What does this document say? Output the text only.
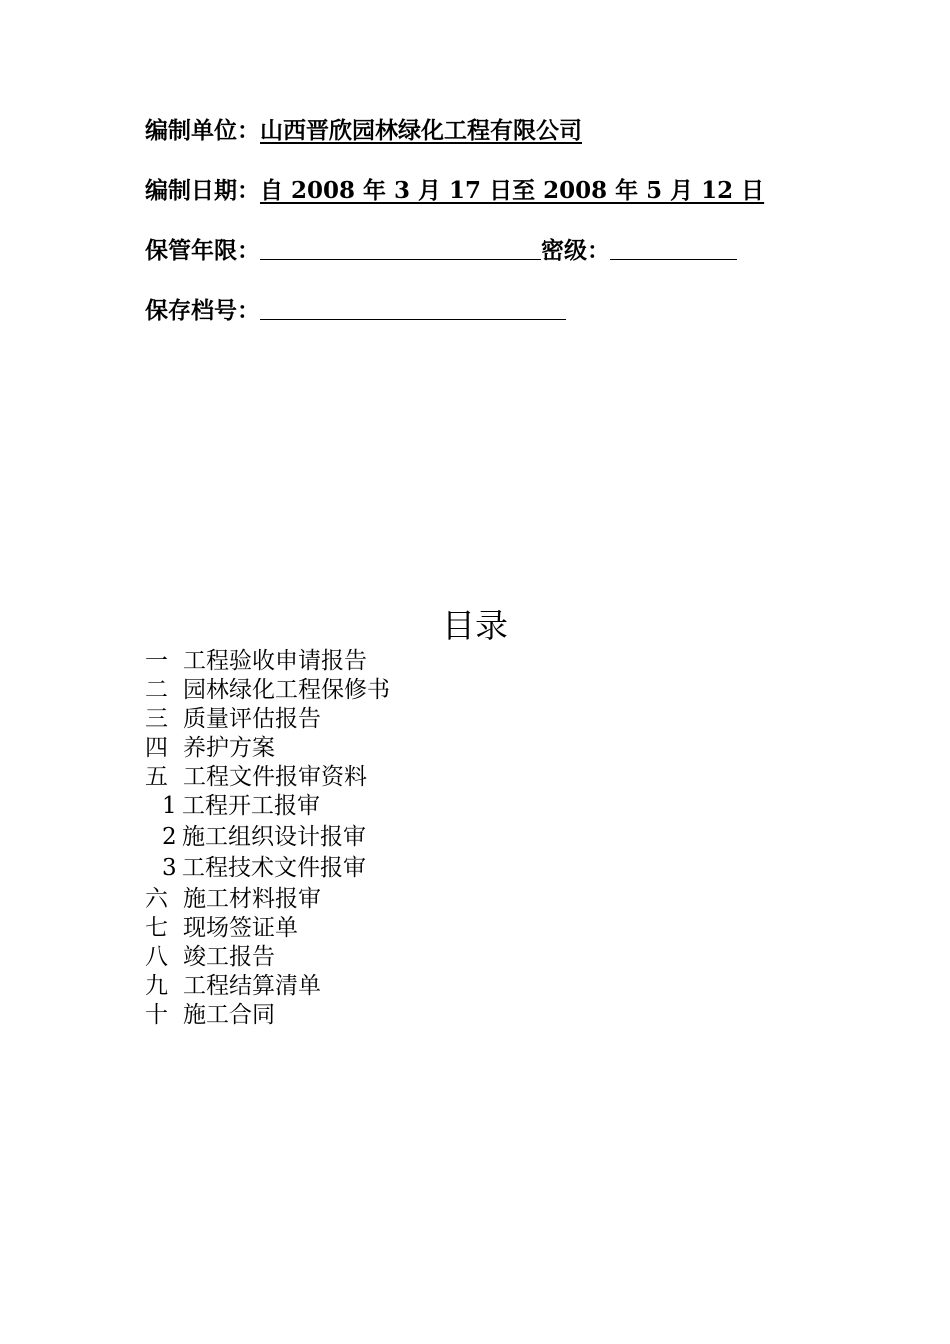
编制单位：山西晋欣园林绿化工程有限公司
编制日期：自 2008 年 3 月 17 日至 2008 年 5 月 12 日
保管年限：	密级：
保存档号：
目录
一 工程验收申请报告
二 园林绿化工程保修书
三 质量评估报告
四 养护方案
五 工程文件报审资料
1 工程开工报审
2 施工组织设计报审
3 工程技术文件报审
六 施工材料报审
七 现场签证单
八 竣工报告
九 工程结算清单
十 施工合同
